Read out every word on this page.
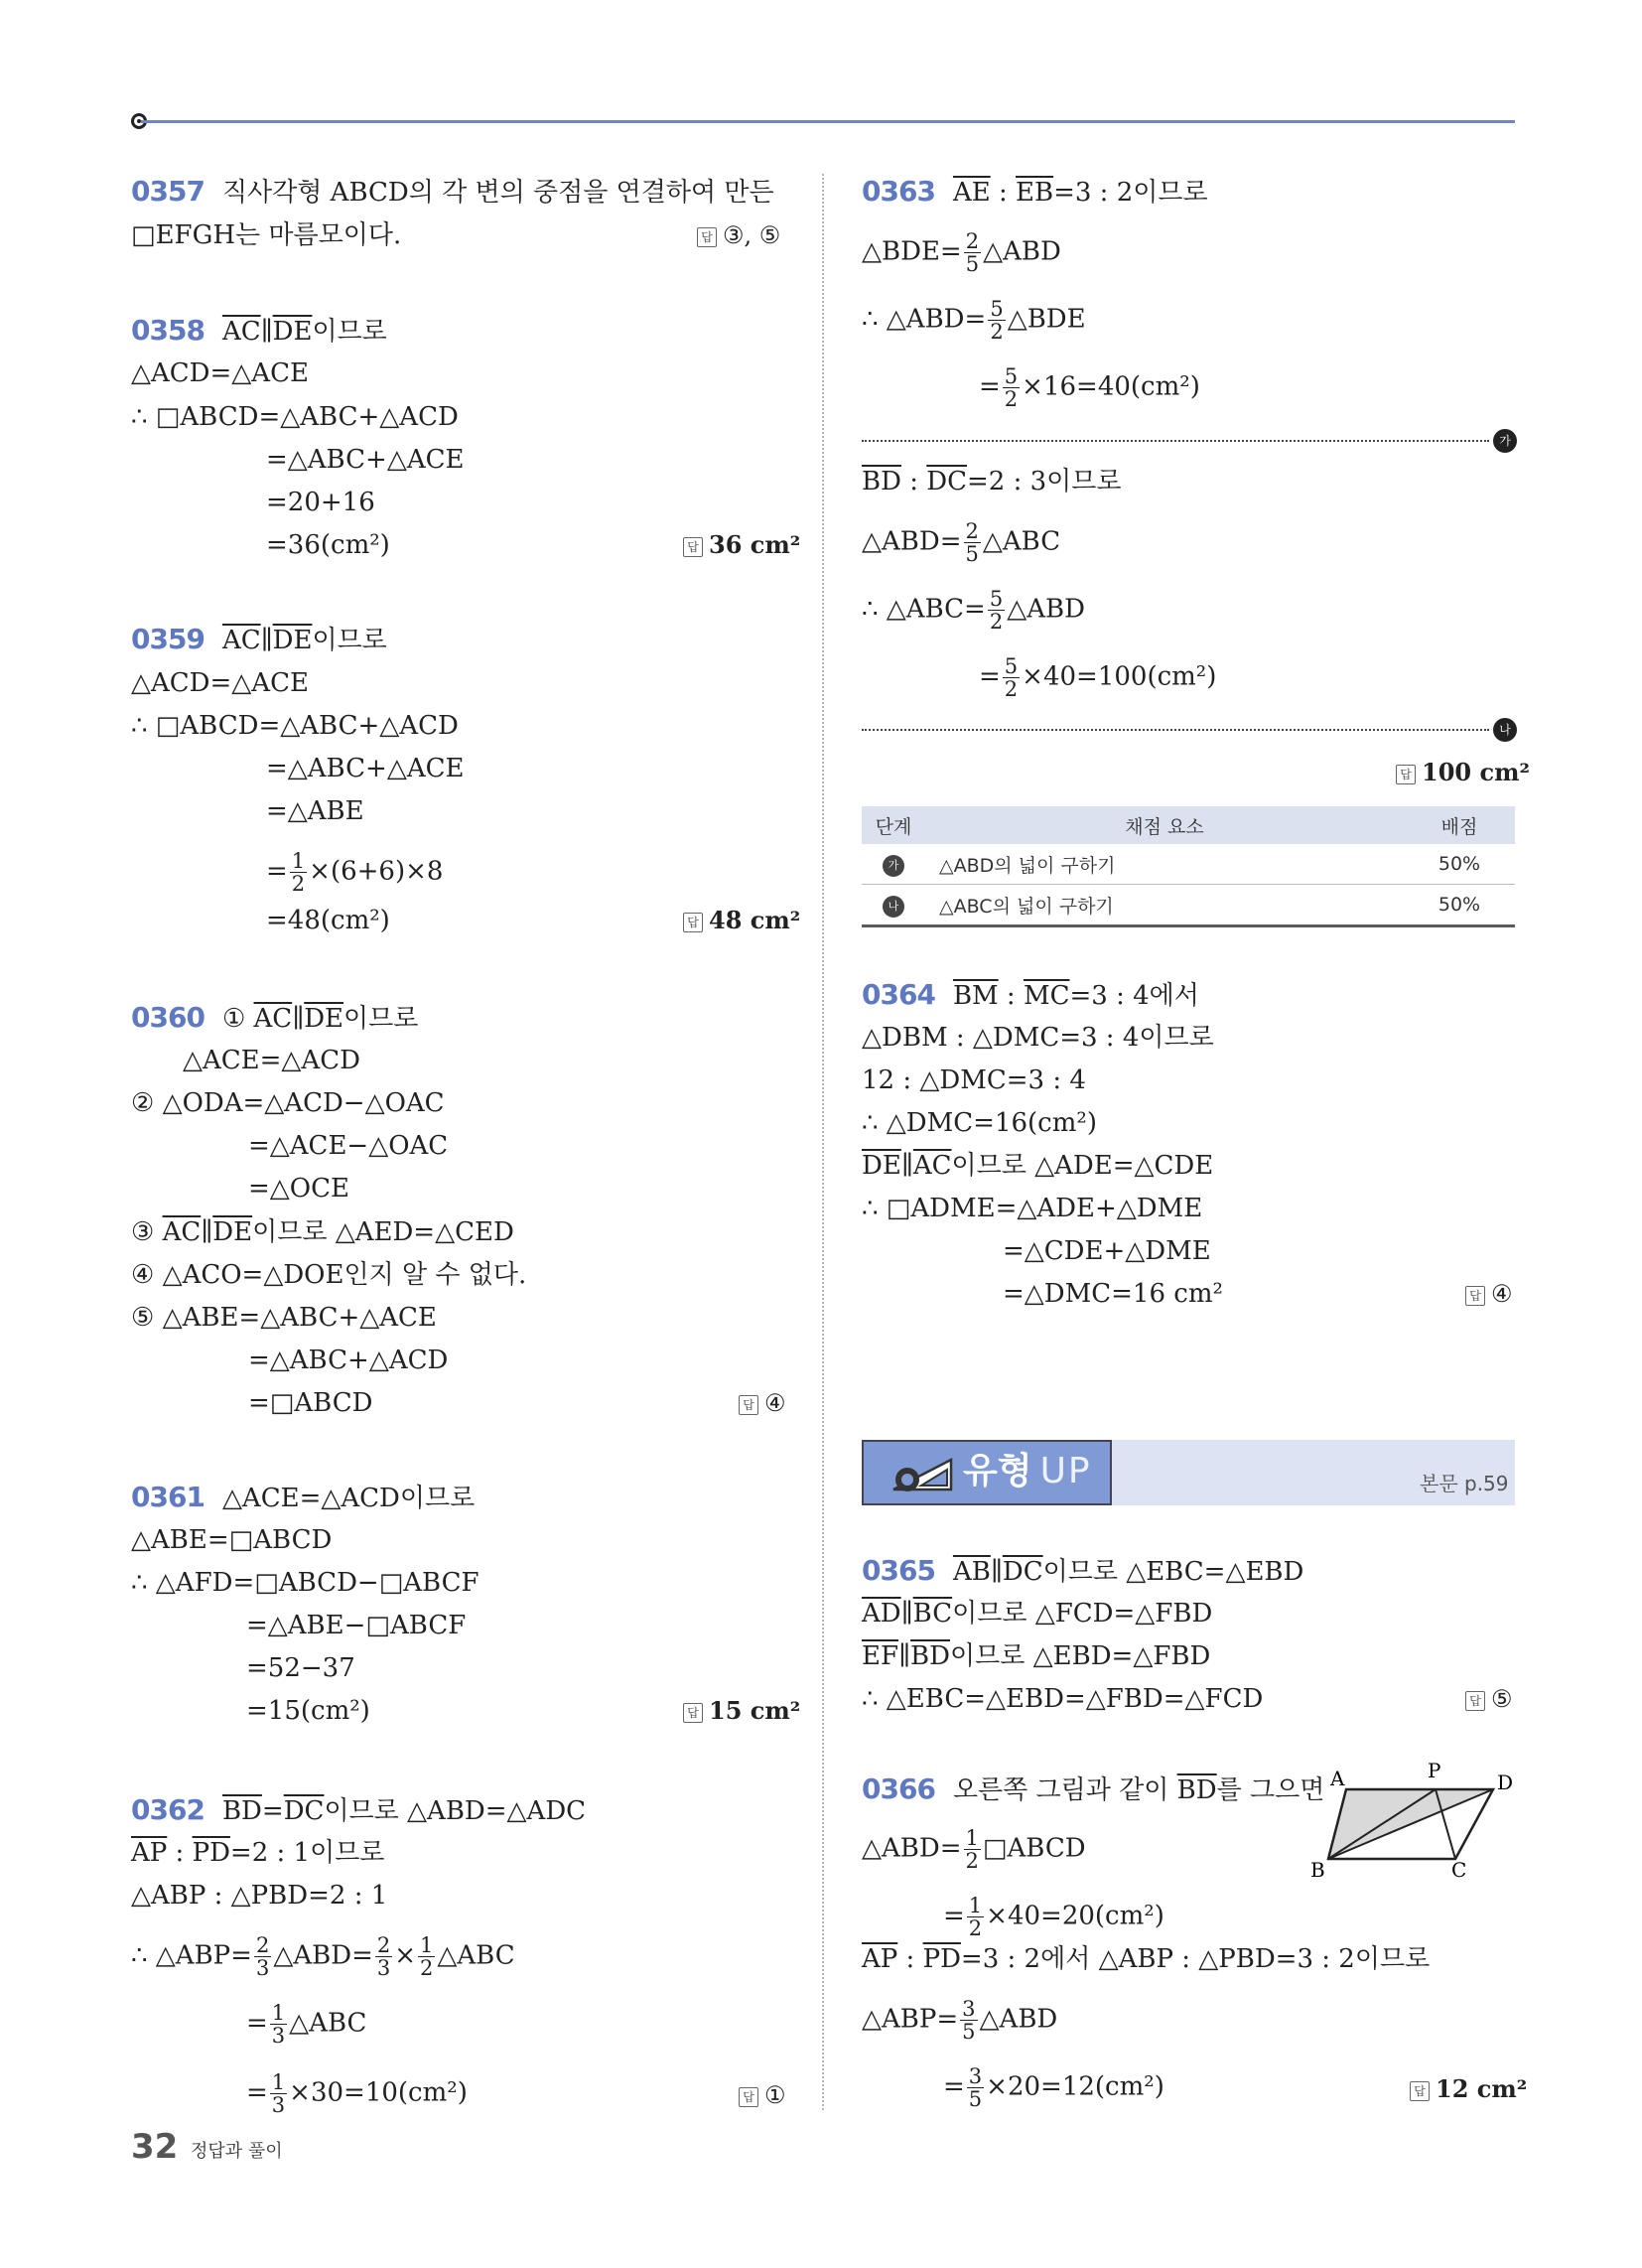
0357 직사각형 ABCD의 각 변의 중점을 연결하여 만든
□EFGH는 마름모이다.	답 ③, ⑤
0358 $\overline{AC}\parallel\overline{DE}$이므로
△ACD=△ACE
∴ □ABCD=△ABC+△ACD
=△ABC+△ACE
=20+16
=36(cm²)	답 36 cm²
0359 $\overline{AC}\parallel\overline{DE}$이므로
△ACD=△ACE
∴ □ABCD=△ABC+△ACD
=△ABC+△ACE
=△ABE
= $\frac{1}{2} \times(6+6)\times 8$
=48(cm²)	답 48 cm²
0360 ① $\overline{AC}\parallel\overline{DE}$이므로
△ACE=△ACD
② △ODA=△ACD−△OAC
=△ACE−△OAC
=△OCE
③ $\overline{AC}\parallel\overline{DE}$이므로 △AED=△CED
④ △ACO=△DOE인지 알 수 없다.
⑤ △ABE=△ABC+△ACE
=△ABC+△ACD
=□ABCD	답 ④
0361 △ACE=△ACD이므로
△ABE=□ABCD
∴ △AFD=□ABCD−□ABCF
=△ABE−□ABCF
=52−37
=15(cm²)	답 15 cm²
0362 $\overline{BD}=\overline{DC}$이므로 △ABD=△ADC
$\overline{AP}$ : $\overline{PD}=2$ : 1이므로
△ABP : △PBD=2 : 1
∴ △ABP= $\frac{2}{3}$ △ABD= $\frac{2}{3} \times \frac{1}{2}$ △ABC
= $\frac{1}{3}$ △ABC
= $\frac{1}{3} \times 30=10(cm^2)$	답 ①
0363 $\overline{AE}$ : $\overline{EB}=3$ : 2이므로
△BDE= $\frac{2}{5}$ △ABD
∴ △ABD= $\frac{5}{2}$ △BDE
= $\frac{5}{2} \times 16=40(cm^2)$
가
$\overline{BD}$ : $\overline{DC}=2$ : 3이므로
△ABD= $\frac{2}{5}$ △ABC
∴ △ABC= $\frac{5}{2}$ △ABD
= $\frac{5}{2} \times 40=100(cm^2)$
나
답 100 cm²
단계	채점 요소	배점
가	△ABD의 넓이 구하기	50%
나	△ABC의 넓이 구하기	50%
0364 $\overline{BM}$ : $\overline{MC}=3$ : 4에서
△DBM : △DMC=3 : 4이므로
12 : △DMC=3 : 4
∴ △DMC=16(cm²)
$\overline{DE}\parallel\overline{AC}$이므로 △ADE=△CDE
∴ □ADME=△ADE+△DME
=△CDE+△DME
=△DMC=16 cm²	답 ④
유형 UP	본문 p.59
0365 $\overline{AB}\parallel\overline{DC}$이므로 △EBC=△EBD
$\overline{AD}\parallel\overline{BC}$이므로 △FCD=△FBD
$\overline{EF}\parallel\overline{BD}$이므로 △EBD=△FBD
∴ △EBC=△EBD=△FBD=△FCD	답 ⑤
0366 오른쪽 그림과 같이 $\overline{BD}$를 그으면
△ABD= $\frac{1}{2}$ □ABCD
= $\frac{1}{2} \times 40=20(cm^2)$
$\overline{AP}$ : $\overline{PD}=3$ : 2에서 △ABP : △PBD=3 : 2이므로
△ABP= $\frac{3}{5}$ △ABD
= $\frac{3}{5} \times 20=12(cm^2)$	답 12 cm²
A	P	D
B	C
32 정답과 풀이
